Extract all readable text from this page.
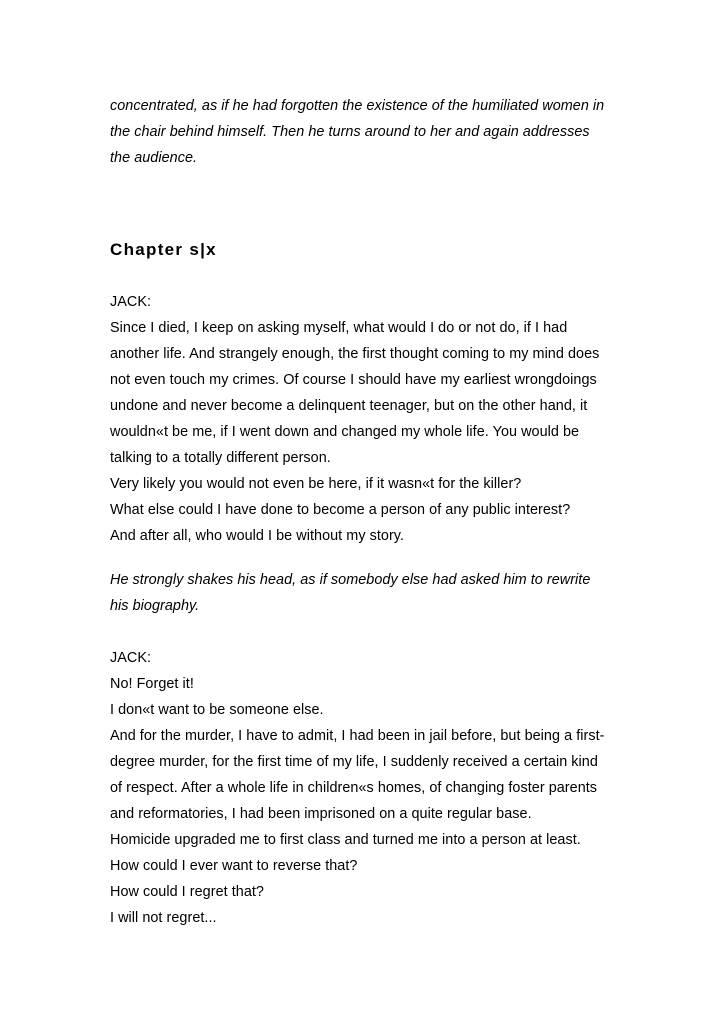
concentrated, as if he had forgotten the existence of the humiliated women in
the chair behind himself. Then he turns around to her and again addresses
the audience.
Chapter s|x
JACK:
Since I died, I keep on asking myself, what would I do or not do, if I had
another life. And strangely enough, the first thought coming to my mind does
not even touch my crimes. Of course I should have my earliest wrongdoings
undone and never become a delinquent teenager, but on the other hand, it
wouldn«t be me, if I went down and changed my whole life. You would be
talking to a totally different person.
Very likely you would not even be here, if it wasn«t for the killer?
What else could I have done to become a person of any public interest?
And after all, who would I be without my story.
He strongly shakes his head, as if somebody else had asked him to rewrite
his biography.
JACK:
No! Forget it!
I don«t want to be someone else.
And for the murder, I have to admit, I had been in jail before, but being a first-
degree murder, for the first time of my life, I suddenly received a certain kind
of respect. After a whole life in children«s homes, of changing foster parents
and reformatories, I had been imprisoned on a quite regular base.
Homicide upgraded me to first class and turned me into a person at least.
How could I ever want to reverse that?
How could I regret that?
I will not regret...
